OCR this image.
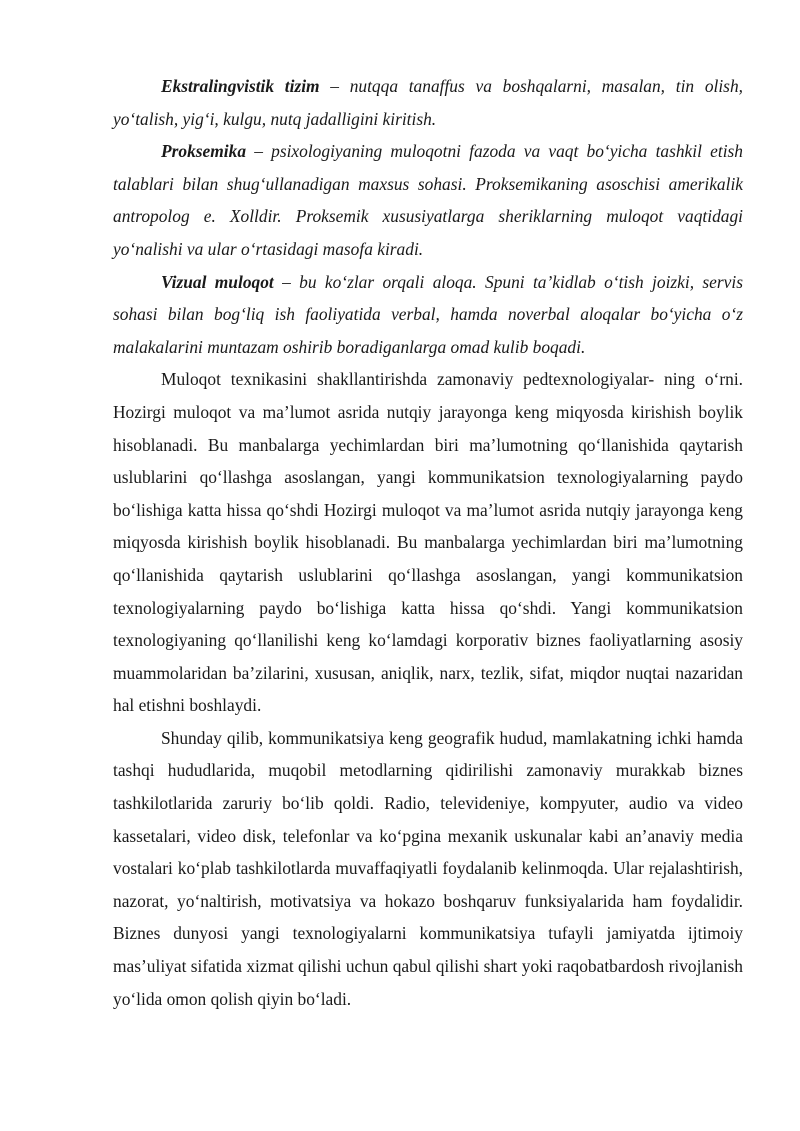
Ekstralingvistik tizim – nutqqa tanaffus va boshqalarni, masalan, tin olish, yo‘talish, yig‘i, kulgu, nutq jadalligini kiritish.

Proksemika – psixologiyaning muloqotni fazoda va vaqt bo‘yicha tashkil etish talablari bilan shug‘ullanadigan maxsus sohasi. Proksemikaning asoschisi amerikalik antropolog e. Xolldir. Proksemik xususiyatlarga sheriklarning muloqot vaqtidagi yo‘nalishi va ular o‘rtasidagi masofa kiradi.

Vizual muloqot – bu ko‘zlar orqali aloqa. Spuni ta’kidlab o‘tish joizki, servis sohasi bilan bog‘liq ish faoliyatida verbal, hamda noverbal aloqalar bo‘yicha o‘z malakalarini muntazam oshirib boradiganlarga omad kulib boqadi.

Muloqot texnikasini shakllantirishda zamonaviy pedtexnologiyalar- ning o‘rni. Hozirgi muloqot va ma’lumot asrida nutqiy jarayonga keng miqyosda kirishish boylik hisoblanadi. Bu manbalarga yechimlardan biri ma’lumotning qo‘llanishida qaytarish uslublarini qo‘llashga asoslangan, yangi kommunikatsion texnologiyalarning paydo bo‘lishiga katta hissa qo‘shdi Hozirgi muloqot va ma’lumot asrida nutqiy jarayonga keng miqyosda kirishish boylik hisoblanadi. Bu manbalarga yechimlardan biri ma’lumotning qo‘llanishida qaytarish uslublarini qo‘llashga asoslangan, yangi kommunikatsion texnologiyalarning paydo bo‘lishiga katta hissa qo‘shdi. Yangi kommunikatsion texnologiyaning qo‘llanilishi keng ko‘lamdagi korporativ biznes faoliyatlarning asosiy muammolaridan ba’zilarini, xususan, aniqlik, narx, tezlik, sifat, miqdor nuqtai nazaridan hal etishni boshlaydi.

Shunday qilib, kommunikatsiya keng geografik hudud, mamlakatning ichki hamda tashqi hududlarida, muqobil metodlarning qidirilishi zamonaviy murakkab biznes tashkilotlarida zaruriy bo‘lib qoldi. Radio, televideniye, kompyuter, audio va video kassetalari, video disk, telefonlar va ko‘pgina mexanik uskunalar kabi an’anaviy media vostalari ko‘plab tashkilotlarda muvaffaqiyatli foydalanib kelinmoqda. Ular rejalashtirish, nazorat, yo‘naltirish, motivatsiya va hokazo boshqaruv funksiyalarida ham foydalidir. Biznes dunyosi yangi texnologiyalarni kommunikatsiya tufayli jamiyatda ijtimoiy mas’uliyat sifatida xizmat qilishi uchun qabul qilishi shart yoki raqobatbardosh rivojlanish yo‘lida omon qolish qiyin bo‘ladi.
